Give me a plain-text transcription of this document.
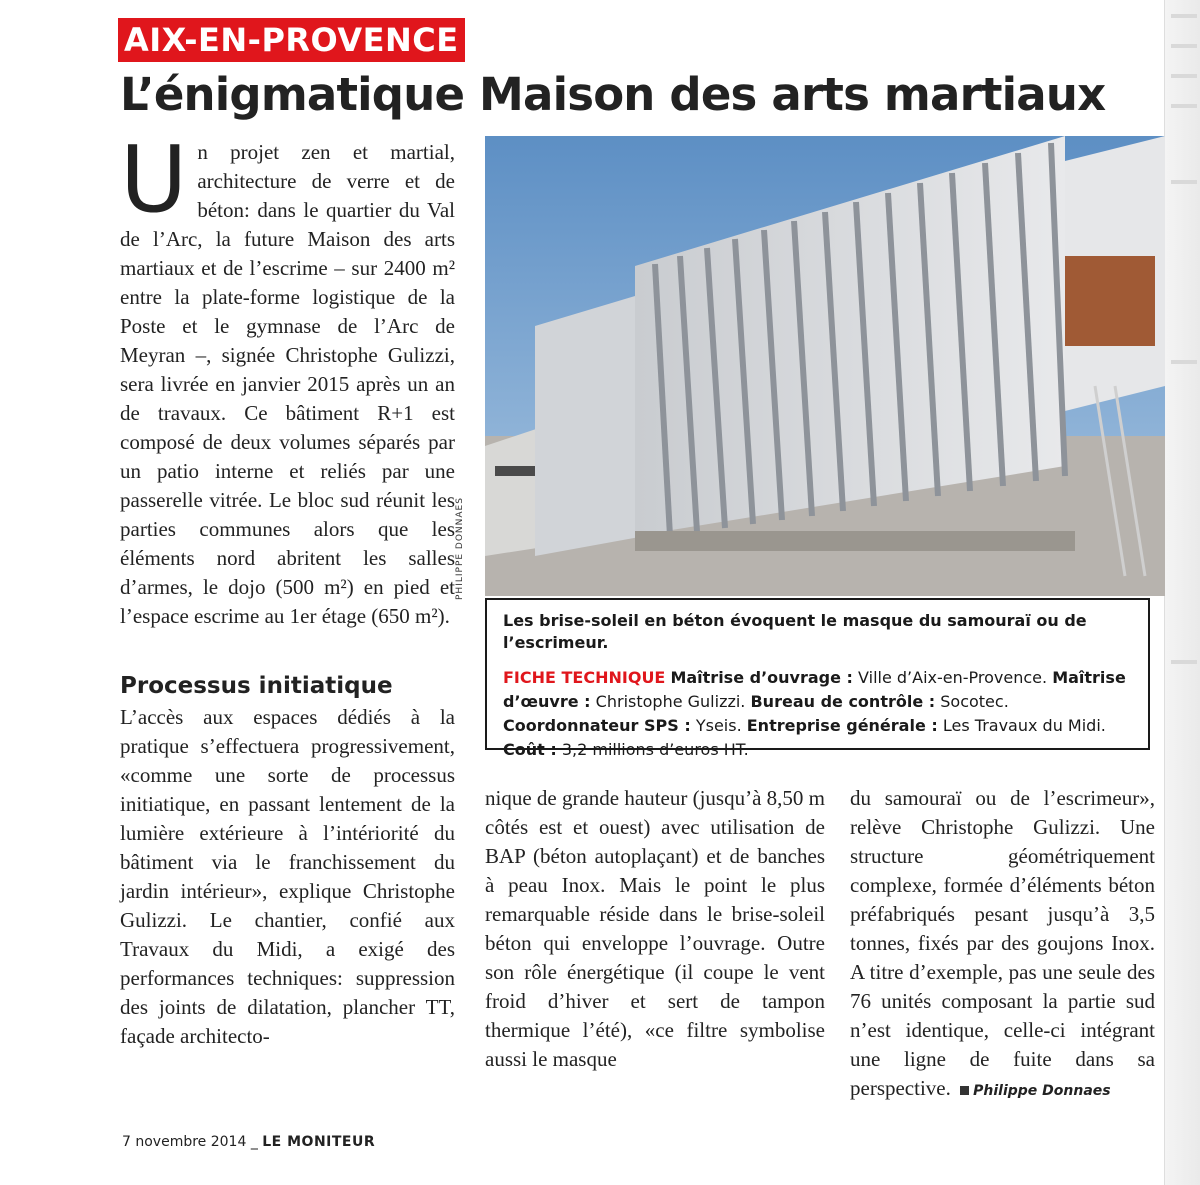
AIX-EN-PROVENCE
L’énigmatique Maison des arts martiaux

Un projet zen et martial, architecture de verre et de béton: dans le quartier du Val de l’Arc, la future Maison des arts martiaux et de l’escrime – sur 2400 m² entre la plate-forme logistique de la Poste et le gymnase de l’Arc de Meyran –, signée Christophe Gulizzi, sera livrée en janvier 2015 après un an de travaux. Ce bâtiment R+1 est composé de deux volumes séparés par un patio interne et reliés par une passerelle vitrée. Le bloc sud réunit les parties communes alors que les éléments nord abritent les salles d’armes, le dojo (500 m²) en pied et l’espace escrime au 1er étage (650 m²).

Processus initiatique

L’accès aux espaces dédiés à la pratique s’effectuera progressivement, «comme une sorte de processus initiatique, en passant lentement de la lumière extérieure à l’intériorité du bâtiment via le franchissement du jardin intérieur», explique Christophe Gulizzi. Le chantier, confié aux Travaux du Midi, a exigé des performances techniques: suppression des joints de dilatation, plancher TT, façade architecto-

PHILIPPE DONNAES

Les brise-soleil en béton évoquent le masque du samouraï ou de l’escrimeur.

FICHE TECHNIQUE Maîtrise d’ouvrage : Ville d’Aix-en-Provence. Maîtrise d’œuvre : Christophe Gulizzi. Bureau de contrôle : Socotec. Coordonnateur SPS : Yseis. Entreprise générale : Les Travaux du Midi. Coût : 3,2 millions d’euros HT.

nique de grande hauteur (jusqu’à 8,50 m côtés est et ouest) avec utilisation de BAP (béton autoplaçant) et de banches à peau Inox. Mais le point le plus remarquable réside dans le brise-soleil béton qui enveloppe l’ouvrage. Outre son rôle énergétique (il coupe le vent froid d’hiver et sert de tampon thermique l’été), «ce filtre symbolise aussi le masque

du samouraï ou de l’escrimeur», relève Christophe Gulizzi. Une structure géométriquement complexe, formée d’éléments béton préfabriqués pesant jusqu’à 3,5 tonnes, fixés par des goujons Inox. A titre d’exemple, pas une seule des 76 unités composant la partie sud n’est identique, celle-ci intégrant une ligne de fuite dans sa perspective. Philippe Donnaes

7 novembre 2014 _ LE MONITEUR
